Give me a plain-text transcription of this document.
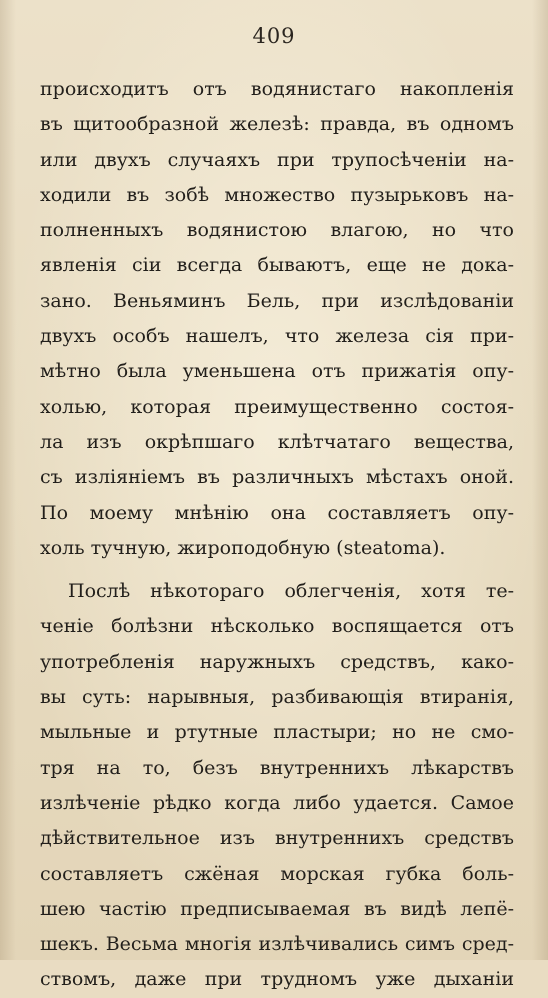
409
происходитъ отъ водянистаго накопленія
въ щитообразной железѣ: правда, въ одномъ
или двухъ случаяхъ при трупосѣченіи на-
ходили въ зобѣ множество пузырьковъ на-
полненныхъ водянистою влагою, но что
явленія сіи всегда бываютъ, еще не дока-
зано. Веньяминъ Бель, при изслѣдованіи
двухъ особъ нашелъ, что железа сія при-
мѣтно была уменьшена отъ прижатія опу-
холью, которая преимущественно состоя-
ла изъ окрѣпшаго клѣтчатаго вещества,
съ изліяніемъ въ различныхъ мѣстахъ оной.
По моему мнѣнію она составляетъ опу-
холь тучную, жироподобную (steatoma).
Послѣ нѣкотораго облегченія, хотя те-
ченіе болѣзни нѣсколько воспящается отъ
употребленія наружныхъ средствъ, како-
вы суть: нарывныя, разбивающія втиранія,
мыльные и ртутные пластыри; но не смо-
тря на то, безъ внутреннихъ лѣкарствъ
излѣченіе рѣдко когда либо удается. Самое
дѣйствительное изъ внутреннихъ средствъ
составляетъ сжёная морская губка боль-
шею частію предписываемая въ видѣ лепё-
шекъ. Весьма многія излѣчивались симъ сред-
ствомъ, даже при трудномъ уже дыханіи
